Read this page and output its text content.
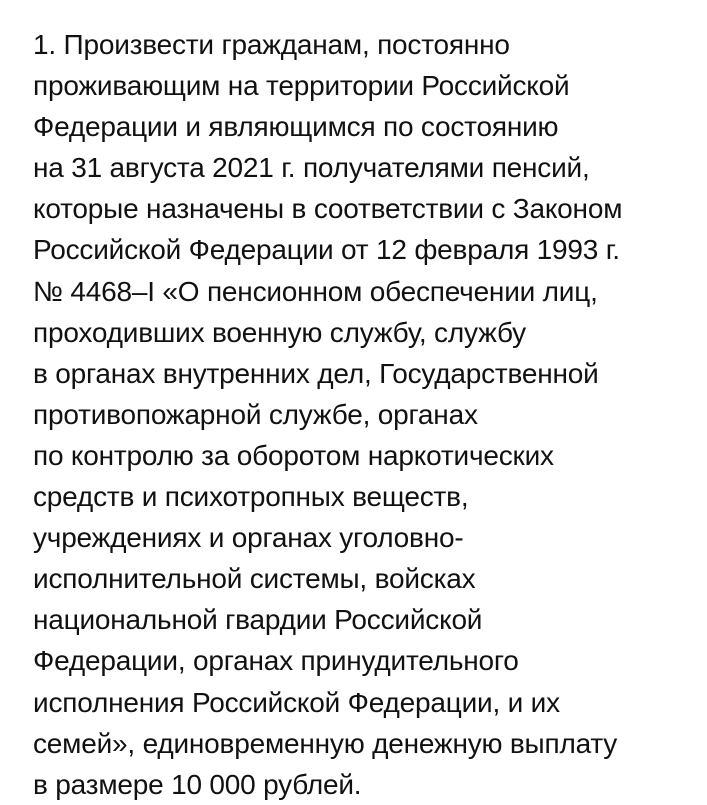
1. Произвести гражданам, постоянно
проживающим на территории Российской
Федерации и являющимся по состоянию
на 31 августа 2021 г. получателями пенсий,
которые назначены в соответствии с Законом
Российской Федерации от 12 февраля 1993 г.
№ 4468–I «О пенсионном обеспечении лиц,
проходивших военную службу, службу
в органах внутренних дел, Государственной
противопожарной службе, органах
по контролю за оборотом наркотических
средств и психотропных веществ,
учреждениях и органах уголовно-
исполнительной системы, войсках
национальной гвардии Российской
Федерации, органах принудительного
исполнения Российской Федерации, и их
семей», единовременную денежную выплату
в размере 10 000 рублей.
